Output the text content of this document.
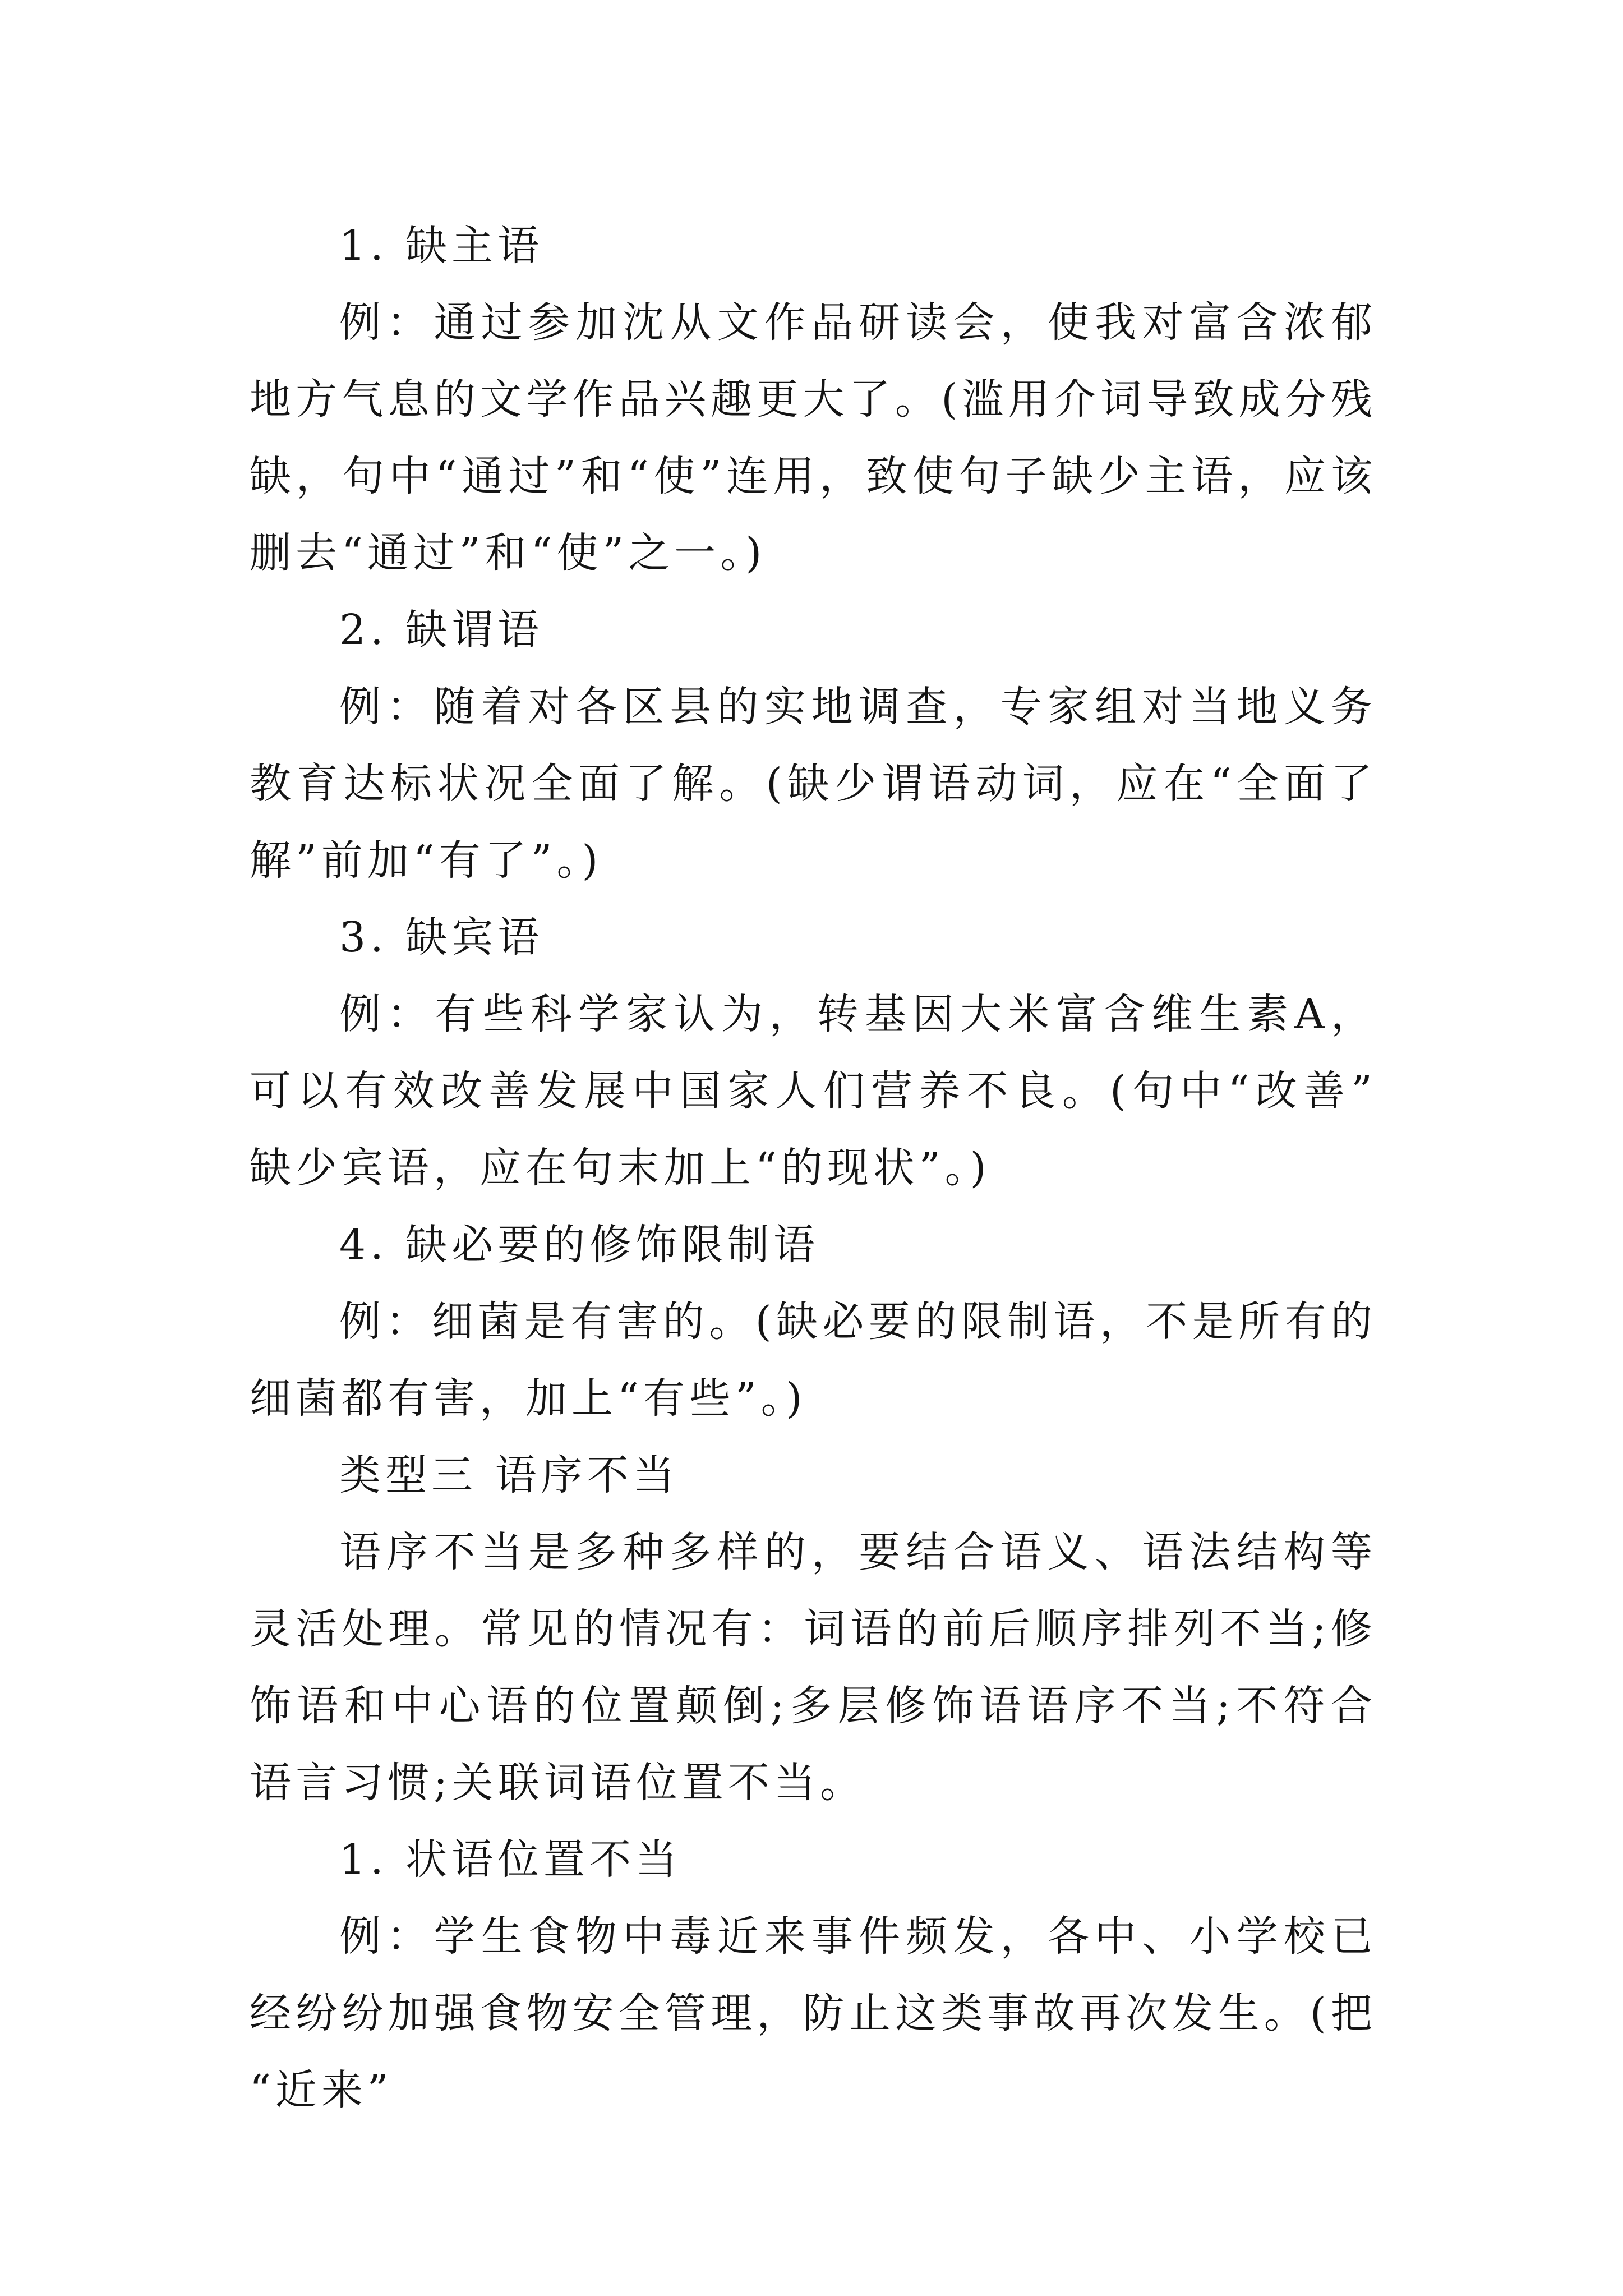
1. 缺主语

例：通过参加沈从文作品研读会，使我对富含浓郁地方气息的文学作品兴趣更大了。(滥用介词导致成分残缺，句中“通过”和“使”连用，致使句子缺少主语，应该删去“通过”和“使”之一。)

2. 缺谓语

例：随着对各区县的实地调查，专家组对当地义务教育达标状况全面了解。(缺少谓语动词，应在“全面了解”前加“有了”。)

3. 缺宾语

例：有些科学家认为，转基因大米富含维生素A，可以有效改善发展中国家人们营养不良。(句中“改善”缺少宾语，应在句末加上“的现状”。)

4. 缺必要的修饰限制语

例：细菌是有害的。(缺必要的限制语，不是所有的细菌都有害，加上“有些”。)

类型三 语序不当

语序不当是多种多样的，要结合语义、语法结构等灵活处理。常见的情况有：词语的前后顺序排列不当;修饰语和中心语的位置颠倒;多层修饰语语序不当;不符合语言习惯;关联词语位置不当。

1. 状语位置不当

例：学生食物中毒近来事件频发，各中、小学校已经纷纷加强食物安全管理，防止这类事故再次发生。(把“近来”
